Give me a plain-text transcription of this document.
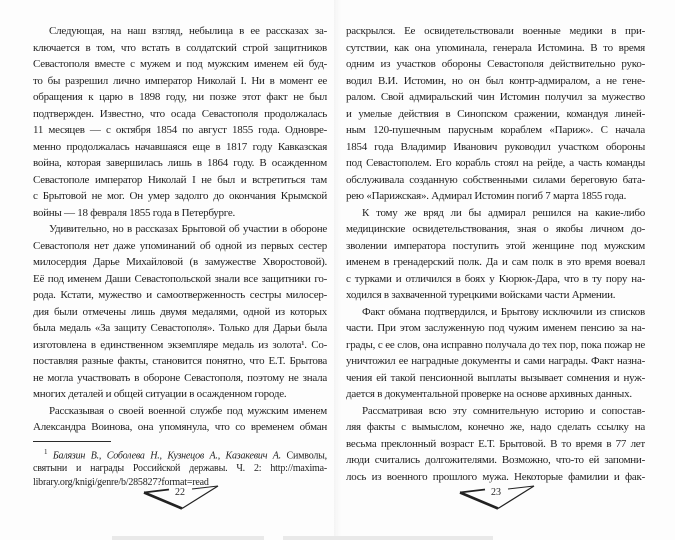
Следующая, на наш взгляд, небылица в ее рассказах за-
ключается в том, что встать в солдатский строй защитников
Севастополя вместе с мужем и под мужским именем ей буд-
то бы разрешил лично император Николай I. Ни в момент ее
обращения к царю в 1898 году, ни позже этот факт не был
подтвержден. Известно, что осада Севастополя продолжалась
11 месяцев — с октября 1854 по август 1855 года. Одновре-
менно продолжалась начавшаяся еще в 1817 году Кавказская
война, которая завершилась лишь в 1864 году. В осажденном
Севастополе император Николай I не был и встретиться там
с Брытовой не мог. Он умер задолго до окончания Крымской
войны — 18 февраля 1855 года в Петербурге.
Удивительно, но в рассказах Брытовой об участии в обороне
Севастополя нет даже упоминаний об одной из первых сестер
милосердия Дарье Михайловой (в замужестве Хворостовой).
Её под именем Даши Севастопольской знали все защитники го-
рода. Кстати, мужество и самоотверженность сестры милосер-
дия были отмечены лишь двумя медалями, одной из которых
была медаль «За защиту Севастополя». Только для Дарьи была
изготовлена в единственном экземпляре медаль из золота¹. Со-
поставляя разные факты, становится понятно, что Е.Т. Брытова
не могла участвовать в обороне Севастополя, поэтому не знала
многих деталей и общей ситуации в осажденном городе.
Рассказывая о своей военной службе под мужским именем
Александра Воинова, она упомянула, что со временем обман
$^1$ Балязин В., Соболева Н., Кузнецов А., Казакевич А. Символы, святыни и награды Российской державы. Ч. 2: http://maxima-library.org/knigi/genre/b/285827?format=read
22
раскрылся. Ее освидетельствовали военные медики в при-
сутствии, как она упоминала, генерала Истомина. В то время
одним из участков обороны Севастополя действительно руко-
водил В.И. Истомин, но он был контр-адмиралом, а не гене-
ралом. Свой адмиральский чин Истомин получил за мужество
и умелые действия в Синопском сражении, командуя линей-
ным 120-пушечным парусным кораблем «Париж». С начала
1854 года Владимир Иванович руководил участком обороны
под Севастополем. Его корабль стоял на рейде, а часть команды
обслуживала созданную собственными силами береговую бата-
рею «Парижская». Адмирал Истомин погиб 7 марта 1855 года.
К тому же вряд ли бы адмирал решился на какие-либо
медицинские освидетельствования, зная о якобы личном до-
зволении императора поступить этой женщине под мужским
именем в гренадерский полк. Да и сам полк в это время воевал
с турками и отличился в боях у Кюрюк-Дара, что в ту пору на-
ходился в захваченной турецкими войсками части Армении.
Факт обмана подтвердился, и Брытову исключили из списков
части. При этом заслуженную под чужим именем пенсию за на-
грады, с ее слов, она исправно получала до тех пор, пока пожар не
уничтожил ее наградные документы и сами награды. Факт назна-
чения ей такой пенсионной выплаты вызывает сомнения и нуж-
дается в документальной проверке на основе архивных данных.
Рассматривая всю эту сомнительную историю и сопостав-
ляя факты с вымыслом, конечно же, надо сделать ссылку на
весьма преклонный возраст Е.Т. Брытовой. В то время в 77 лет
люди считались долгожителями. Возможно, что-то ей запомни-
лось из военного прошлого мужа. Некоторые фамилии и фак-
23
